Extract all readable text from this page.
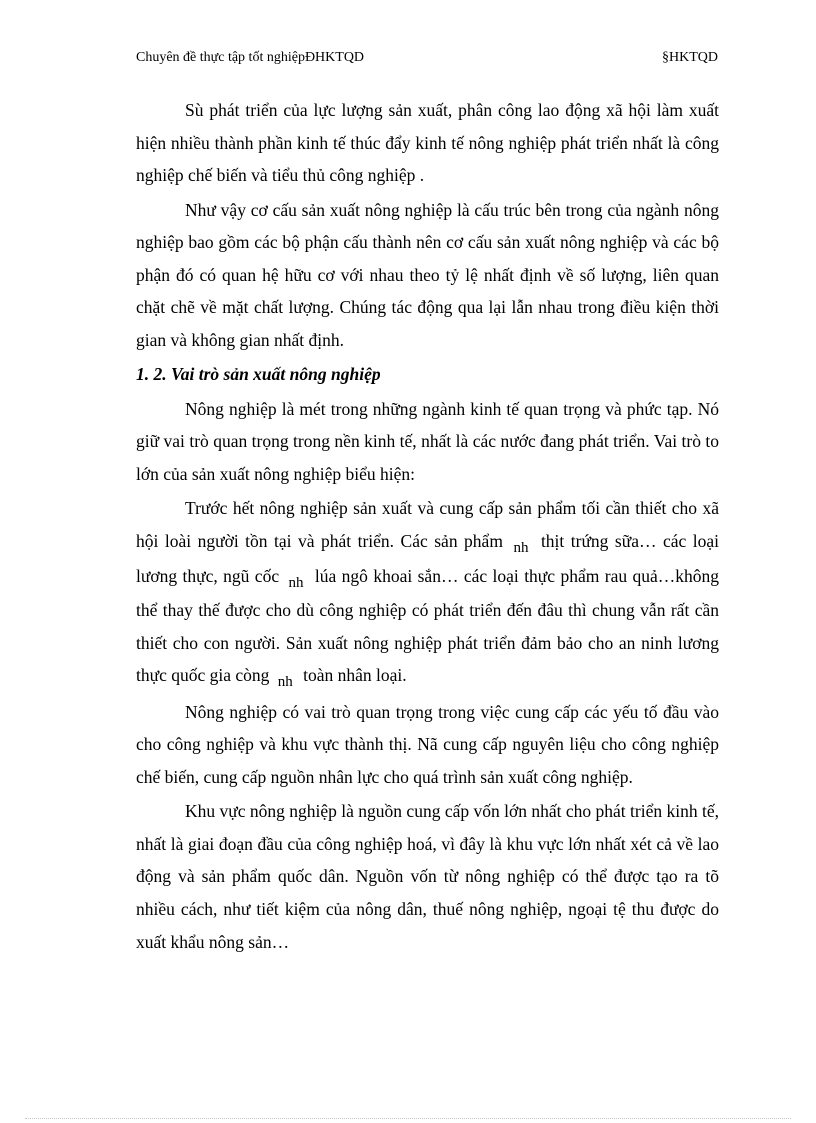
Chuyên đề thực tập tốt nghiệpĐHKTQD	§HKTQD

Sù phát triển của lực lượng sản xuất, phân công lao động xã hội làm xuất hiện nhiều thành phần kinh tế thúc đẩy kinh tế nông nghiệp phát triển nhất là công nghiệp chế biến và tiểu thủ công nghiệp .

Như vậy cơ cấu sản xuất nông nghiệp là cấu trúc bên trong của ngành nông nghiệp bao gồm các bộ phận cấu thành nên cơ cấu sản xuất nông nghiệp và các bộ phận đó có quan hệ hữu cơ với nhau theo tỷ lệ nhất định về số lượng, liên quan chặt chẽ về mặt chất lượng. Chúng tác động qua lại lẫn nhau trong điều kiện thời gian và không gian nhất định.

1. 2. Vai trò sản xuất nông nghiệp

Nông nghiệp là mét trong những ngành kinh tế quan trọng và phức tạp. Nó giữ vai trò quan trọng trong nền kinh tế, nhất là các nước đang phát triển. Vai trò to lớn của sản xuất nông nghiệp biểu hiện:

Trước hết nông nghiệp sản xuất và cung cấp sản phẩm tối cần thiết cho xã hội loài người tồn tại và phát triển. Các sản phẩm nh thịt trứng sữa… các loại lương thực, ngũ cốc nh lúa ngô khoai sắn… các loại thực phẩm rau quả…không thể thay thế được cho dù công nghiệp có phát triển đến đâu thì chung vẫn rất cần thiết cho con người. Sản xuất nông nghiệp phát triển đảm bảo cho an ninh lương thực quốc gia còng nh toàn nhân loại.

Nông nghiệp có vai trò quan trọng trong việc cung cấp các yếu tố đầu vào cho công nghiệp và khu vực thành thị. Nã cung cấp nguyên liệu cho công nghiệp chế biến, cung cấp nguồn nhân lực cho quá trình sản xuất công nghiệp.

Khu vực nông nghiệp là nguồn cung cấp vốn lớn nhất cho phát triển kinh tế, nhất là giai đoạn đầu của công nghiệp hoá, vì đây là khu vực lớn nhất xét cả về lao động và sản phẩm quốc dân. Nguồn vốn từ nông nghiệp có thể được tạo ra tõ nhiều cách, như tiết kiệm của nông dân, thuế nông nghiệp, ngoại tệ thu được do xuất khẩu nông sản…
